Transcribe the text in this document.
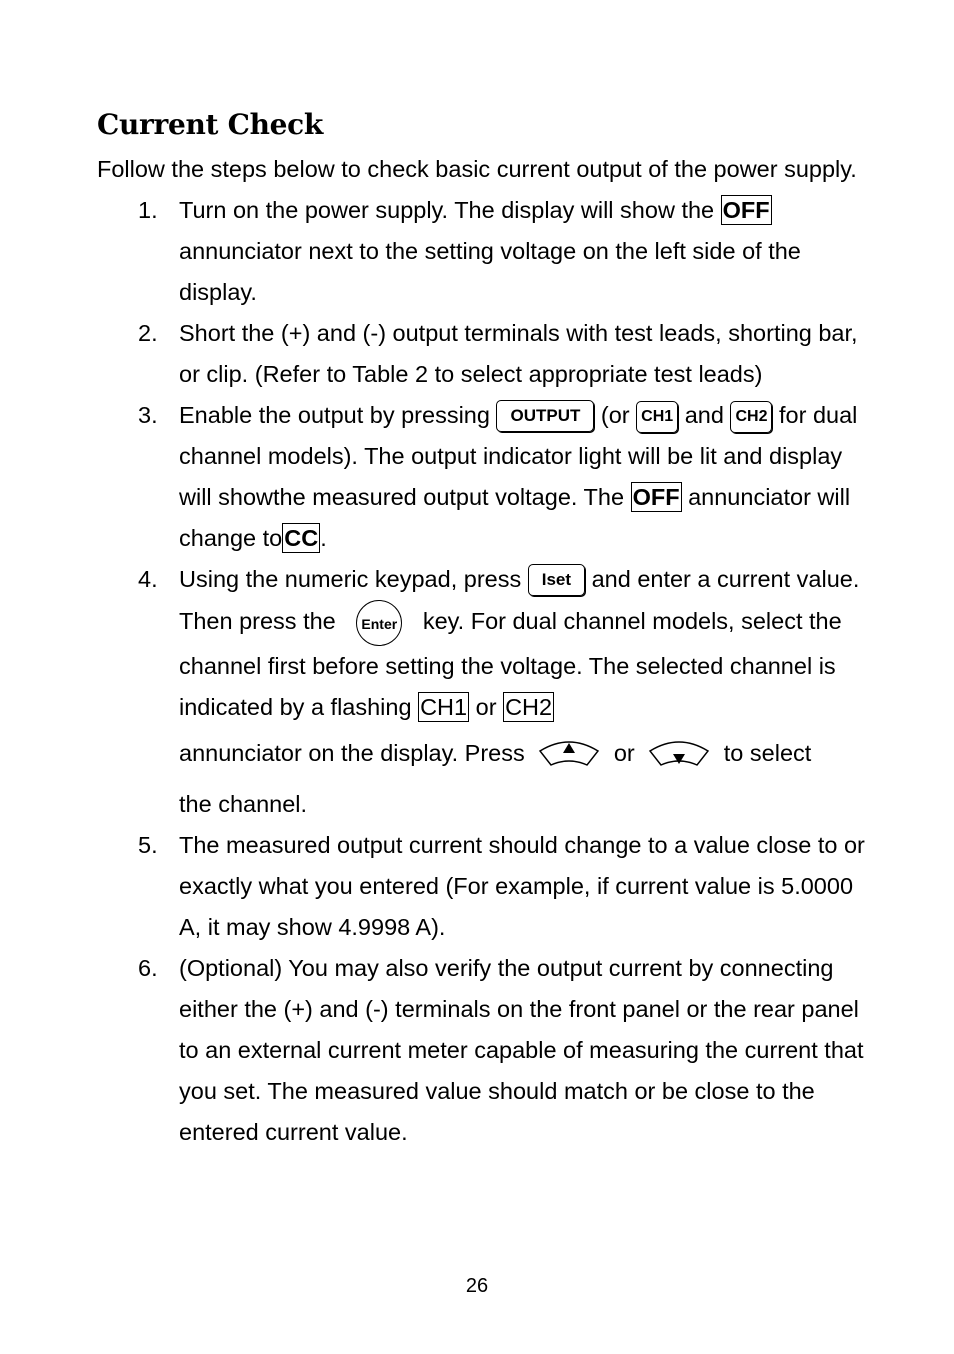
Current Check

Follow the steps below to check basic current output of the power supply.

1. Turn on the power supply. The display will show the OFF annunciator next to the setting voltage on the left side of the display.
2. Short the (+) and (-) output terminals with test leads, shorting bar, or clip. (Refer to Table 2 to select appropriate test leads)
3. Enable the output by pressing OUTPUT (or CH1 and CH2 for dual channel models). The output indicator light will be lit and display will showthe measured output voltage. The OFF annunciator will change toCC.
4. Using the numeric keypad, press Iset and enter a current value. Then press the Enter key. For dual channel models, select the channel first before setting the voltage. The selected channel is indicated by a flashing CH1 or CH2
annunciator on the display. Press	or	to select
the channel.
5. The measured output current should change to a value close to or exactly what you entered (For example, if current value is 5.0000 A, it may show 4.9998 A).
6. (Optional) You may also verify the output current by connecting either the (+) and (-) terminals on the front panel or the rear panel to an external current meter capable of measuring the current that you set. The measured value should match or be close to the entered current value.
26
